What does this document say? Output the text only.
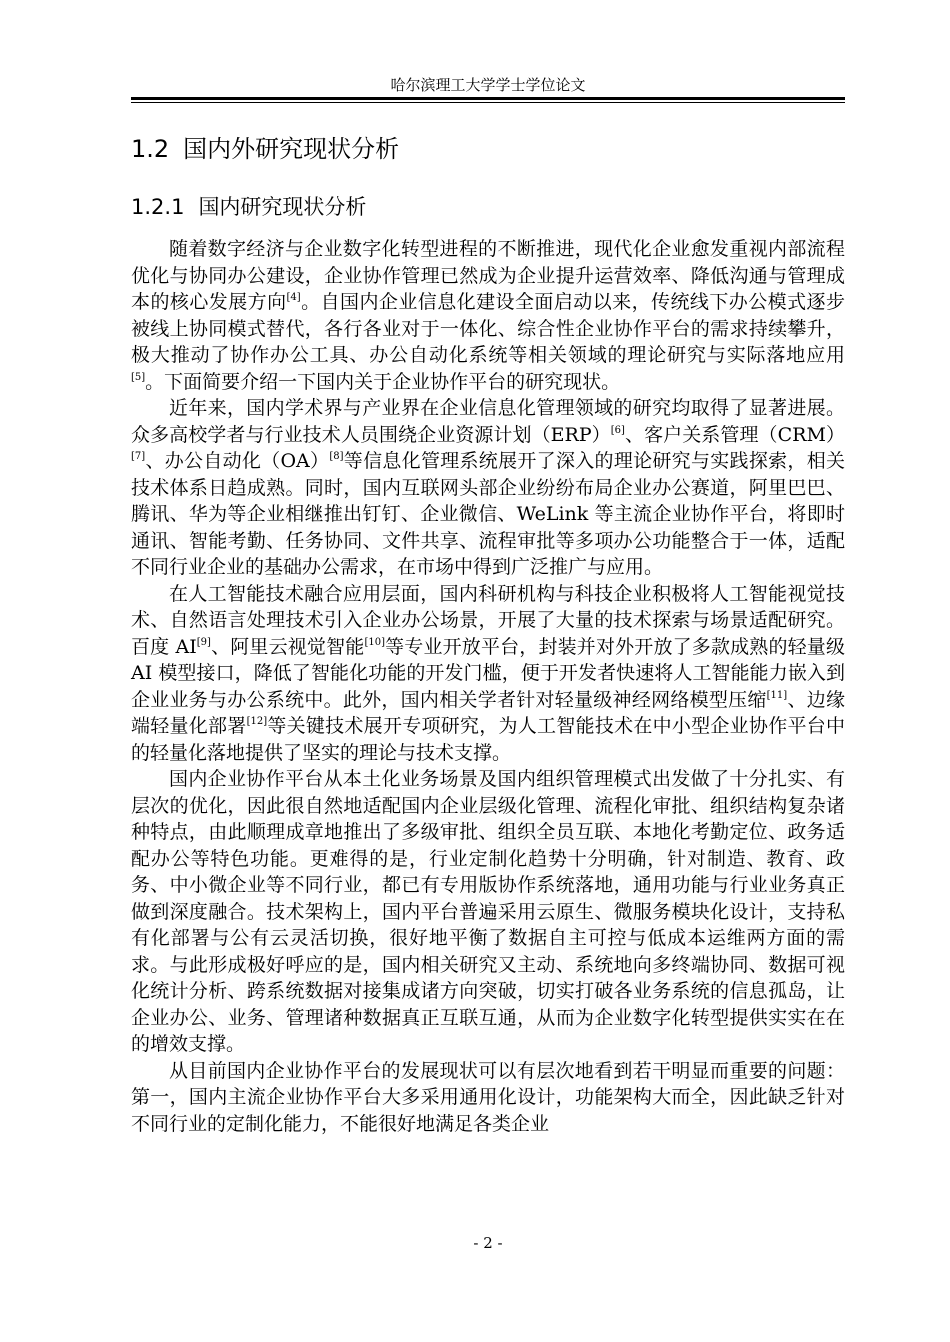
哈尔滨理工大学学士学位论文
1.2 国内外研究现状分析
1.2.1 国内研究现状分析

随着数字经济与企业数字化转型进程的不断推进，现代化企业愈发重视内部流程优化与协同办公建设，企业协作管理已然成为企业提升运营效率、降低沟通与管理成本的核心发展方向[4]。自国内企业信息化建设全面启动以来，传统线下办公模式逐步被线上协同模式替代，各行各业对于一体化、综合性企业协作平台的需求持续攀升，极大推动了协作办公工具、办公自动化系统等相关领域的理论研究与实际落地应用[5]。下面简要介绍一下国内关于企业协作平台的研究现状。

近年来，国内学术界与产业界在企业信息化管理领域的研究均取得了显著进展。众多高校学者与行业技术人员围绕企业资源计划（ERP）[6]、客户关系管理（CRM）[7]、办公自动化（OA）[8]等信息化管理系统展开了深入的理论研究与实践探索，相关技术体系日趋成熟。同时，国内互联网头部企业纷纷布局企业办公赛道，阿里巴巴、腾讯、华为等企业相继推出钉钉、企业微信、WeLink 等主流企业协作平台，将即时通讯、智能考勤、任务协同、文件共享、流程审批等多项办公功能整合于一体，适配不同行业企业的基础办公需求，在市场中得到广泛推广与应用。

在人工智能技术融合应用层面，国内科研机构与科技企业积极将人工智能视觉技术、自然语言处理技术引入企业办公场景，开展了大量的技术探索与场景适配研究。百度 AI[9]、阿里云视觉智能[10]等专业开放平台，封装并对外开放了多款成熟的轻量级 AI 模型接口，降低了智能化功能的开发门槛，便于开发者快速将人工智能能力嵌入到企业业务与办公系统中。此外，国内相关学者针对轻量级神经网络模型压缩[11]、边缘端轻量化部署[12]等关键技术展开专项研究，为人工智能技术在中小型企业协作平台中的轻量化落地提供了坚实的理论与技术支撑。

国内企业协作平台从本土化业务场景及国内组织管理模式出发做了十分扎实、有层次的优化，因此很自然地适配国内企业层级化管理、流程化审批、组织结构复杂诸种特点，由此顺理成章地推出了多级审批、组织全员互联、本地化考勤定位、政务适配办公等特色功能。更难得的是，行业定制化趋势十分明确，针对制造、教育、政务、中小微企业等不同行业，都已有专用版协作系统落地，通用功能与行业业务真正做到深度融合。技术架构上，国内平台普遍采用云原生、微服务模块化设计，支持私有化部署与公有云灵活切换，很好地平衡了数据自主可控与低成本运维两方面的需求。与此形成极好呼应的是，国内相关研究又主动、系统地向多终端协同、数据可视化统计分析、跨系统数据对接集成诸方向突破，切实打破各业务系统的信息孤岛，让企业办公、业务、管理诸种数据真正互联互通，从而为企业数字化转型提供实实在在的增效支撑。

从目前国内企业协作平台的发展现状可以有层次地看到若干明显而重要的问题：第一，国内主流企业协作平台大多采用通用化设计，功能架构大而全，因此缺乏针对不同行业的定制化能力，不能很好地满足各类企业

- 2 -
